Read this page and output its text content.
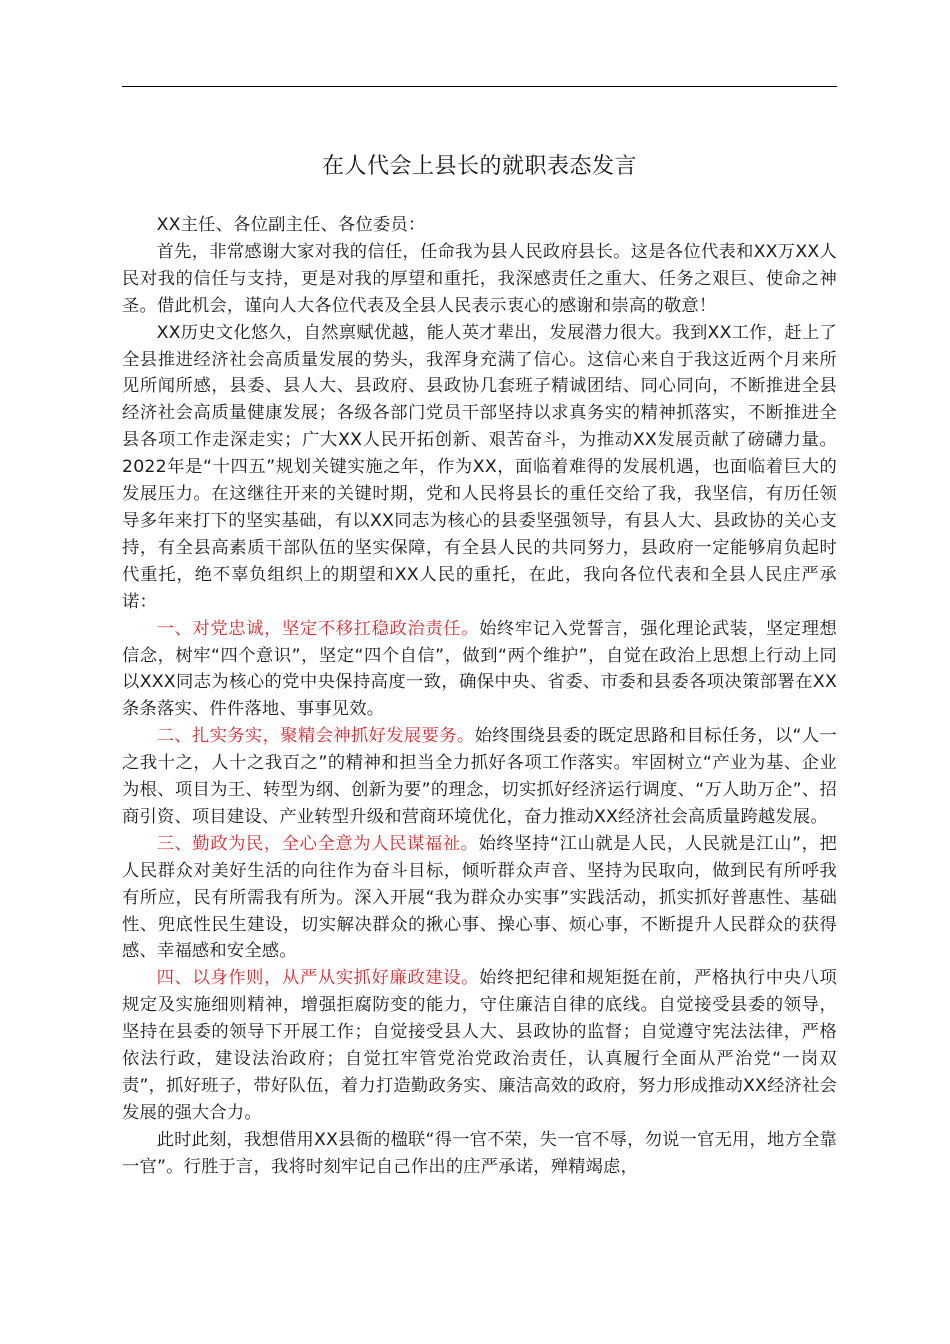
在人代会上县长的就职表态发言

XX主任、各位副主任、各位委员：

首先，非常感谢大家对我的信任，任命我为县人民政府县长。这是各位代表和XX万XX人民对我的信任与支持，更是对我的厚望和重托，我深感责任之重大、任务之艰巨、使命之神圣。借此机会，谨向人大各位代表及全县人民表示衷心的感谢和崇高的敬意！

XX历史文化悠久，自然禀赋优越，能人英才辈出，发展潜力很大。我到XX工作，赶上了全县推进经济社会高质量发展的势头，我浑身充满了信心。这信心来自于我这近两个月来所见所闻所感，县委、县人大、县政府、县政协几套班子精诚团结、同心同向，不断推进全县经济社会高质量健康发展；各级各部门党员干部坚持以求真务实的精神抓落实，不断推进全县各项工作走深走实；广大XX人民开拓创新、艰苦奋斗，为推动XX发展贡献了磅礴力量。2022年是“十四五”规划关键实施之年，作为XX，面临着难得的发展机遇，也面临着巨大的发展压力。在这继往开来的关键时期，党和人民将县长的重任交给了我，我坚信，有历任领导多年来打下的坚实基础，有以XX同志为核心的县委坚强领导，有县人大、县政协的关心支持，有全县高素质干部队伍的坚实保障，有全县人民的共同努力，县政府一定能够肩负起时代重托，绝不辜负组织上的期望和XX人民的重托，在此，我向各位代表和全县人民庄严承诺：

一、对党忠诚，坚定不移扛稳政治责任。始终牢记入党誓言，强化理论武装，坚定理想信念，树牢“四个意识”，坚定“四个自信”，做到“两个维护”，自觉在政治上思想上行动上同以XXX同志为核心的党中央保持高度一致，确保中央、省委、市委和县委各项决策部署在XX条条落实、件件落地、事事见效。

二、扎实务实，聚精会神抓好发展要务。始终围绕县委的既定思路和目标任务，以“人一之我十之，人十之我百之”的精神和担当全力抓好各项工作落实。牢固树立“产业为基、企业为根、项目为王、转型为纲、创新为要”的理念，切实抓好经济运行调度、“万人助万企”、招商引资、项目建设、产业转型升级和营商环境优化，奋力推动XX经济社会高质量跨越发展。

三、勤政为民，全心全意为人民谋福祉。始终坚持“江山就是人民，人民就是江山”，把人民群众对美好生活的向往作为奋斗目标，倾听群众声音、坚持为民取向，做到民有所呼我有所应，民有所需我有所为。深入开展“我为群众办实事”实践活动，抓实抓好普惠性、基础性、兜底性民生建设，切实解决群众的揪心事、操心事、烦心事，不断提升人民群众的获得感、幸福感和安全感。

四、以身作则，从严从实抓好廉政建设。始终把纪律和规矩挺在前，严格执行中央八项规定及实施细则精神，增强拒腐防变的能力，守住廉洁自律的底线。自觉接受县委的领导，坚持在县委的领导下开展工作；自觉接受县人大、县政协的监督；自觉遵守宪法法律，严格依法行政，建设法治政府；自觉扛牢管党治党政治责任，认真履行全面从严治党“一岗双责”，抓好班子，带好队伍，着力打造勤政务实、廉洁高效的政府，努力形成推动XX经济社会发展的强大合力。

此时此刻，我想借用XX县衙的楹联“得一官不荣，失一官不辱，勿说一官无用，地方全靠一官”。行胜于言，我将时刻牢记自己作出的庄严承诺，殚精竭虑，
